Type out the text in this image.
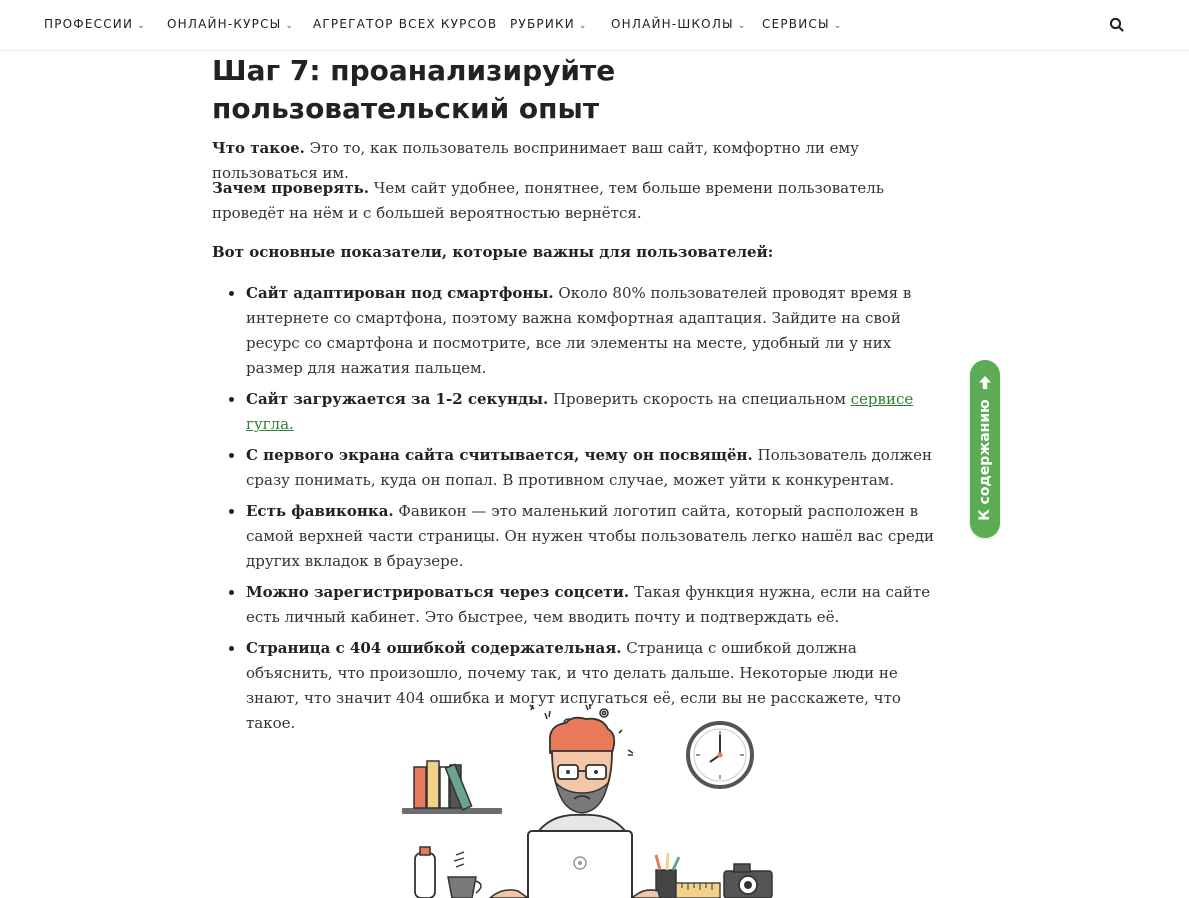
ПРОФЕССИИ ⌄ ОНЛАЙН-КУРСЫ ⌄ АГРЕГАТОР ВСЕХ КУРСОВ РУБРИКИ ⌄ ОНЛАЙН-ШКОЛЫ ⌄ СЕРВИСЫ ⌄
Шаг 7: проанализируйте пользовательский опыт

Что такое. Это то, как пользователь воспринимает ваш сайт, комфортно ли ему пользоваться им.

Зачем проверять. Чем сайт удобнее, понятнее, тем больше времени пользователь проведёт на нём и с большей вероятностью вернётся.

Вот основные показатели, которые важны для пользователей:

Сайт адаптирован под смартфоны. Около 80% пользователей проводят время в интернете со смартфона, поэтому важна комфортная адаптация. Зайдите на свой ресурс со смартфона и посмотрите, все ли элементы на месте, удобный ли у них размер для нажатия пальцем.
Сайт загружается за 1-2 секунды. Проверить скорость на специальном сервисе гугла.
С первого экрана сайта считывается, чему он посвящён. Пользователь должен сразу понимать, куда он попал. В противном случае, может уйти к конкурентам.
Есть фавиконка. Фавикон — это маленький логотип сайта, который расположен в самой верхней части страницы. Он нужен чтобы пользователь легко нашёл вас среди других вкладок в браузере.
Можно зарегистрироваться через соцсети. Такая функция нужна, если на сайте есть личный кабинет. Это быстрее, чем вводить почту и подтверждать её.
Страница с 404 ошибкой содержательная. Страница с ошибкой должна объяснить, что произошло, почему так, и что делать дальше. Некоторые люди не знают, что значит 404 ошибка и могут испугаться её, если вы не расскажете, что такое.
К содержанию
